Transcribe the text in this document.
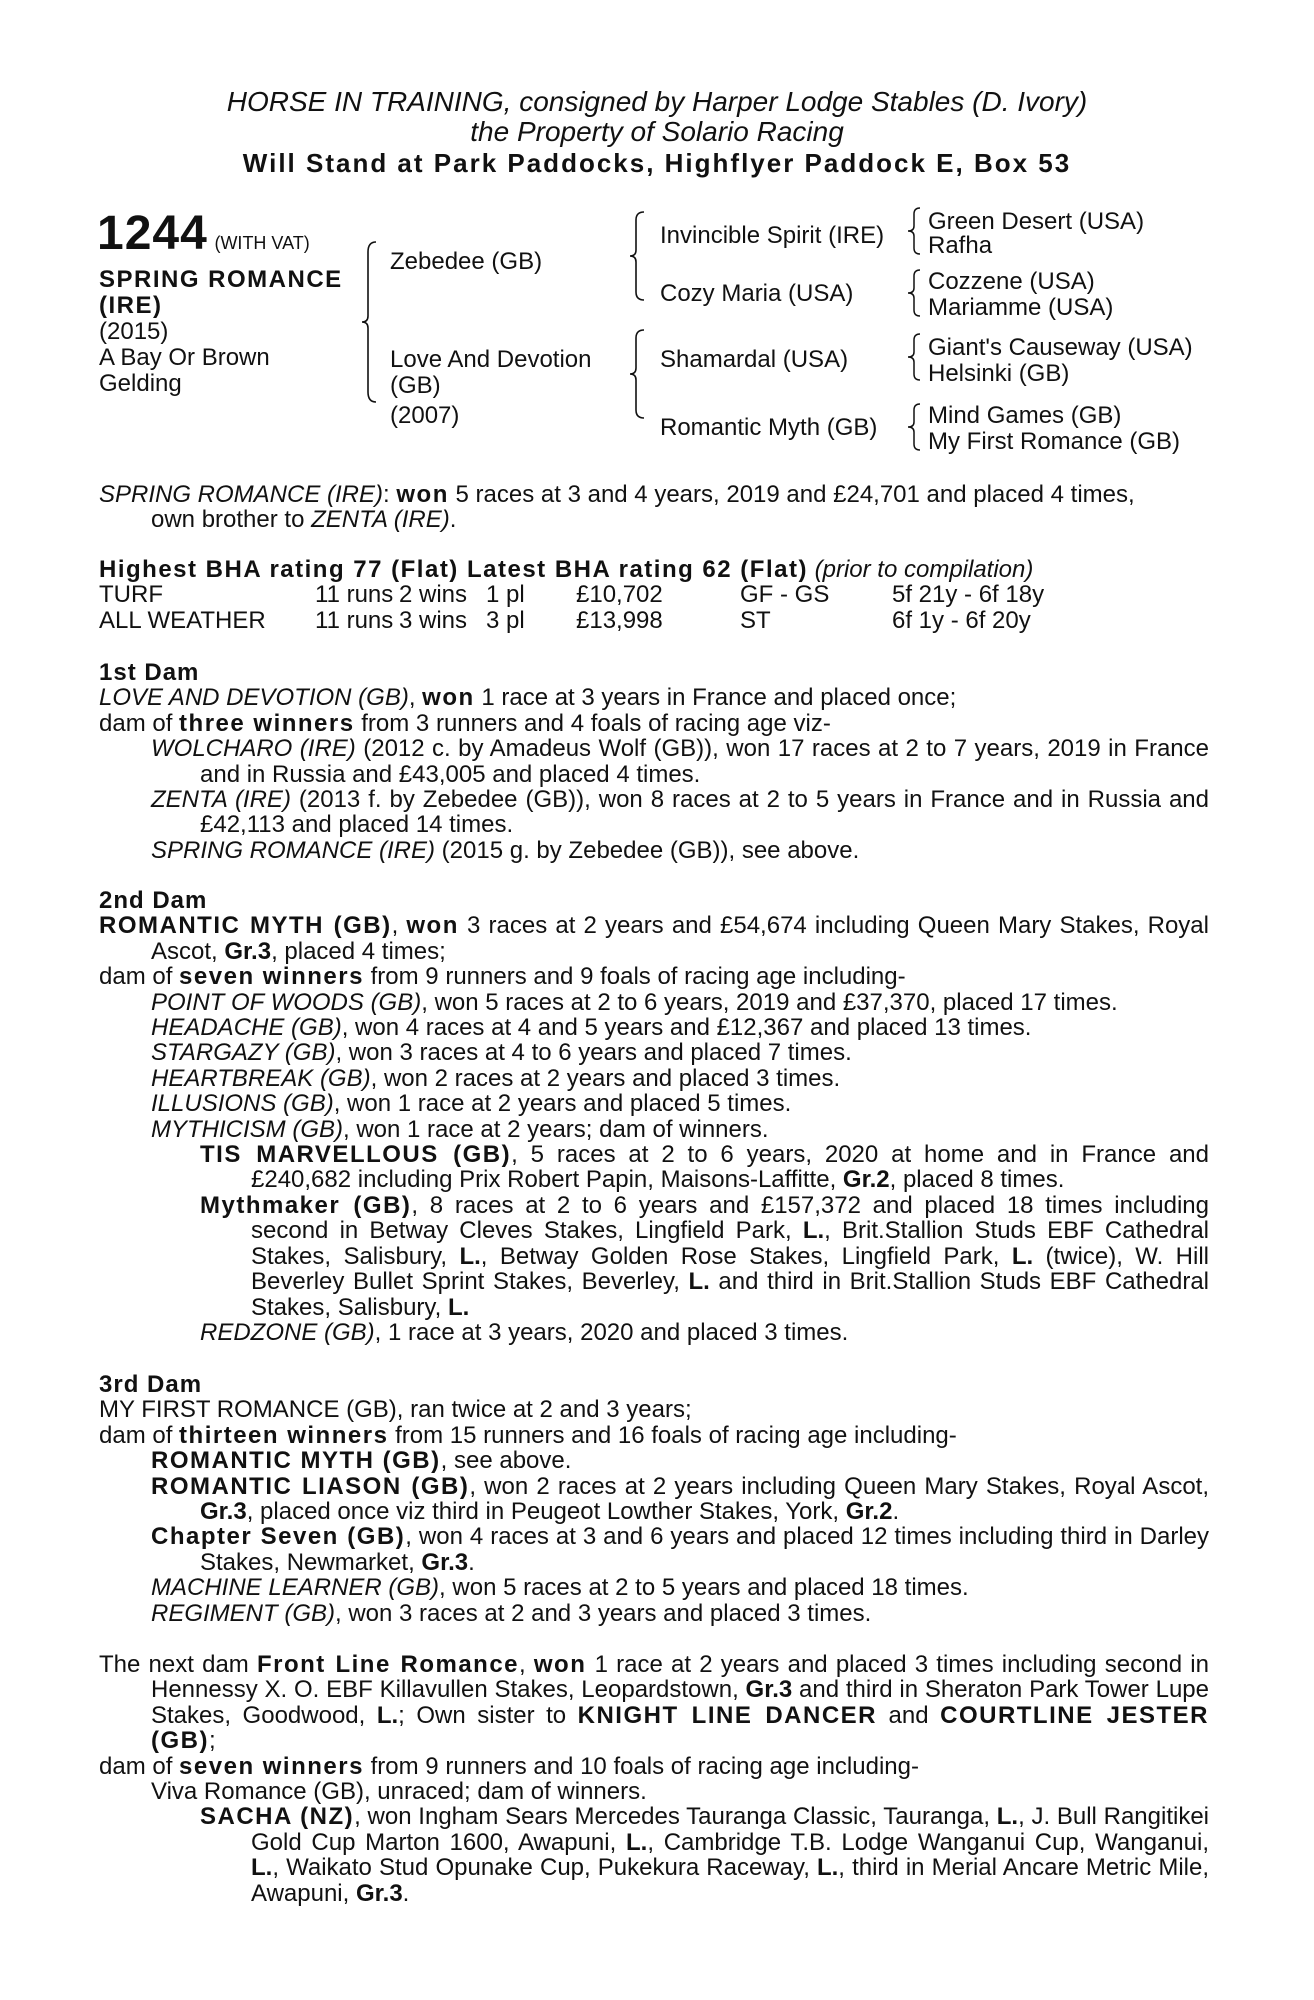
HORSE IN TRAINING, consigned by Harper Lodge Stables (D. Ivory)
the Property of Solario Racing
Will Stand at Park Paddocks, Highflyer Paddock E, Box 53
1244 (WITH VAT)
SPRING ROMANCE
(IRE)
(2015)
A Bay Or Brown
Gelding
Zebedee (GB)
Love And Devotion
(GB)
(2007)
Invincible Spirit (IRE)
Cozy Maria (USA)
Shamardal (USA)
Romantic Myth (GB)
Green Desert (USA)
Rafha
Cozzene (USA)
Mariamme (USA)
Giant's Causeway (USA)
Helsinki (GB)
Mind Games (GB)
My First Romance (GB)

SPRING ROMANCE (IRE): won 5 races at 3 and 4 years, 2019 and £24,701 and placed 4 times,

own brother to ZENTA (IRE).

Highest BHA rating 77 (Flat) Latest BHA rating 62 (Flat) (prior to compilation)
TURF	11 runs 2 wins 1 pl £10,702	GF - GS	5f 21y - 6f 18y
ALL WEATHER 11 runs 3 wins 3 pl £13,998	ST	6f 1y - 6f 20y

1st Dam

LOVE AND DEVOTION (GB), won 1 race at 3 years in France and placed once;

dam of three winners from 3 runners and 4 foals of racing age viz-

WOLCHARO (IRE) (2012 c. by Amadeus Wolf (GB)), won 17 races at 2 to 7 years, 2019 in France and in Russia and £43,005 and placed 4 times.

ZENTA (IRE) (2013 f. by Zebedee (GB)), won 8 races at 2 to 5 years in France and in Russia and £42,113 and placed 14 times.

SPRING ROMANCE (IRE) (2015 g. by Zebedee (GB)), see above.

2nd Dam

ROMANTIC MYTH (GB), won 3 races at 2 years and £54,674 including Queen Mary Stakes, Royal Ascot, Gr.3, placed 4 times;

dam of seven winners from 9 runners and 9 foals of racing age including-

POINT OF WOODS (GB), won 5 races at 2 to 6 years, 2019 and £37,370, placed 17 times.

HEADACHE (GB), won 4 races at 4 and 5 years and £12,367 and placed 13 times.

STARGAZY (GB), won 3 races at 4 to 6 years and placed 7 times.

HEARTBREAK (GB), won 2 races at 2 years and placed 3 times.

ILLUSIONS (GB), won 1 race at 2 years and placed 5 times.

MYTHICISM (GB), won 1 race at 2 years; dam of winners.

TIS MARVELLOUS (GB), 5 races at 2 to 6 years, 2020 at home and in France and £240,682 including Prix Robert Papin, Maisons-Laffitte, Gr.2, placed 8 times.

Mythmaker (GB), 8 races at 2 to 6 years and £157,372 and placed 18 times including second in Betway Cleves Stakes, Lingfield Park, L., Brit.Stallion Studs EBF Cathedral Stakes, Salisbury, L., Betway Golden Rose Stakes, Lingfield Park, L. (twice), W. Hill Beverley Bullet Sprint Stakes, Beverley, L. and third in Brit.Stallion Studs EBF Cathedral Stakes, Salisbury, L.

REDZONE (GB), 1 race at 3 years, 2020 and placed 3 times.

3rd Dam

MY FIRST ROMANCE (GB), ran twice at 2 and 3 years;

dam of thirteen winners from 15 runners and 16 foals of racing age including-

ROMANTIC MYTH (GB), see above.

ROMANTIC LIASON (GB), won 2 races at 2 years including Queen Mary Stakes, Royal Ascot, Gr.3, placed once viz third in Peugeot Lowther Stakes, York, Gr.2.

Chapter Seven (GB), won 4 races at 3 and 6 years and placed 12 times including third in Darley Stakes, Newmarket, Gr.3.

MACHINE LEARNER (GB), won 5 races at 2 to 5 years and placed 18 times.

REGIMENT (GB), won 3 races at 2 and 3 years and placed 3 times.

The next dam Front Line Romance, won 1 race at 2 years and placed 3 times including second in Hennessy X. O. EBF Killavullen Stakes, Leopardstown, Gr.3 and third in Sheraton Park Tower Lupe Stakes, Goodwood, L.; Own sister to KNIGHT LINE DANCER and COURTLINE JESTER (GB);

dam of seven winners from 9 runners and 10 foals of racing age including-

Viva Romance (GB), unraced; dam of winners.

SACHA (NZ), won Ingham Sears Mercedes Tauranga Classic, Tauranga, L., J. Bull Rangitikei Gold Cup Marton 1600, Awapuni, L., Cambridge T.B. Lodge Wanganui Cup, Wanganui, L., Waikato Stud Opunake Cup, Pukekura Raceway, L., third in Merial Ancare Metric Mile, Awapuni, Gr.3.
